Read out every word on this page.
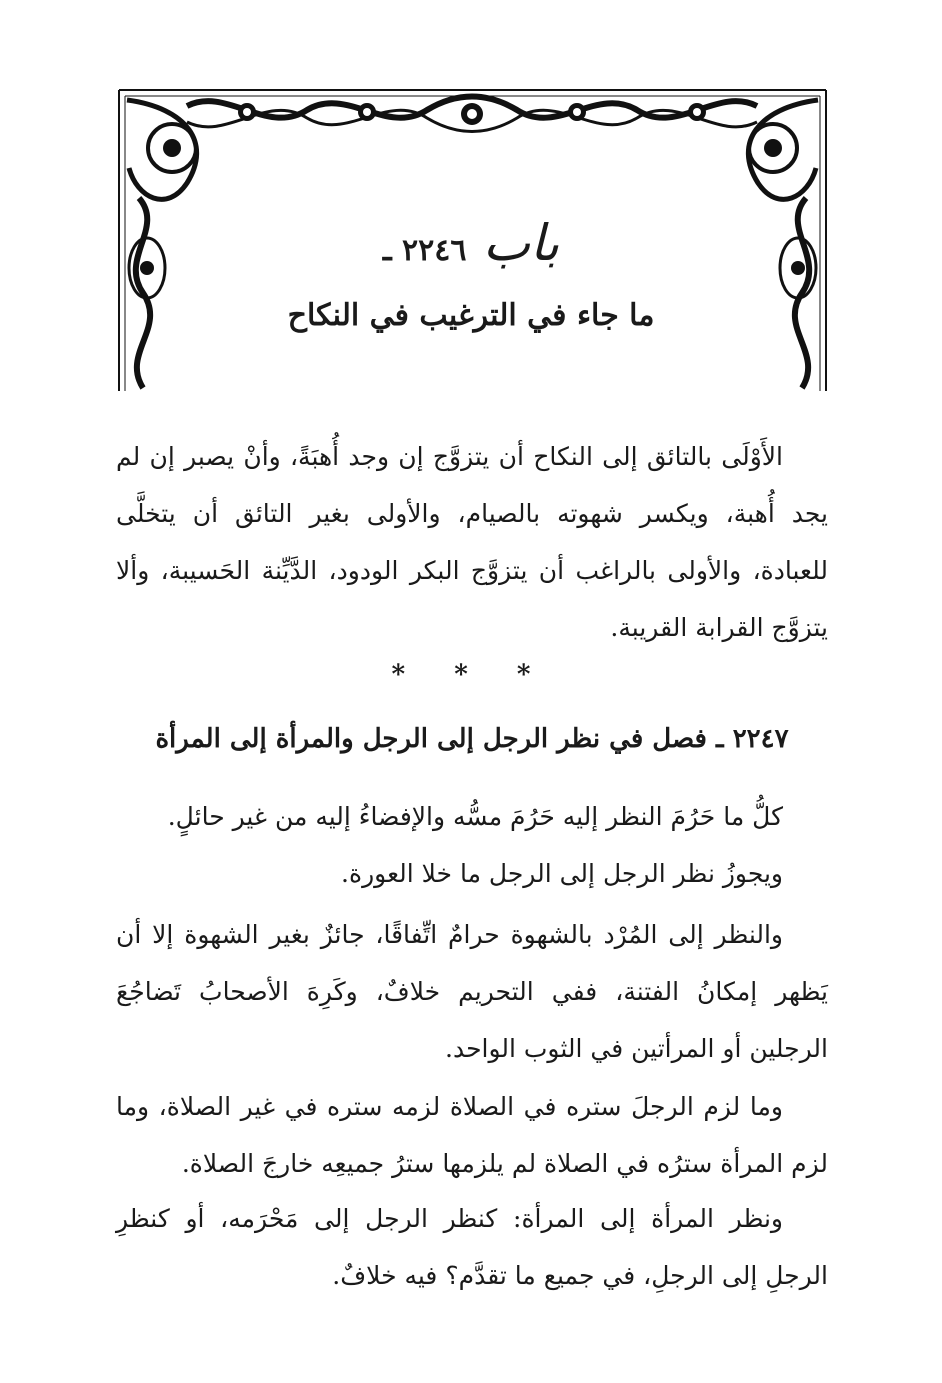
باب ٢٢٤٦ ـ
ما جاء في الترغيب في النكاح

الأَوْلَى بالتائق إلى النكاح أن يتزوَّج إن وجد أُهبَةً، وأنْ يصبر إن لم يجد أُهبة، ويكسر شهوته بالصيام، والأولى بغير التائق أن يتخلَّى للعبادة، والأولى بالراغب أن يتزوَّج البكر الودود، الدَّيِّنة الحَسيبة، وألا يتزوَّج القرابة القريبة.

* * *
٢٢٤٧ ـ فصل في نظر الرجل إلى الرجل والمرأة إلى المرأة

كلُّ ما حَرُمَ النظر إليه حَرُمَ مسُّه والإفضاءُ إليه من غير حائلٍ.

ويجوزُ نظر الرجل إلى الرجل ما خلا العورة.

والنظر إلى المُرْد بالشهوة حرامٌ اتِّفاقًا، جائزٌ بغير الشهوة إلا أن يَظهر إمكانُ الفتنة، ففي التحريم خلافٌ، وكَرِهَ الأصحابُ تَضاجُعَ الرجلين أو المرأتين في الثوب الواحد.

وما لزم الرجلَ ستره في الصلاة لزمه ستره في غير الصلاة، وما لزم المرأة سترُه في الصلاة لم يلزمها سترُ جميعِه خارجَ الصلاة.

ونظر المرأة إلى المرأة: كنظر الرجل إلى مَحْرَمه، أو كنظرِ الرجلِ إلى الرجلِ، في جميع ما تقدَّم؟ فيه خلافٌ.
